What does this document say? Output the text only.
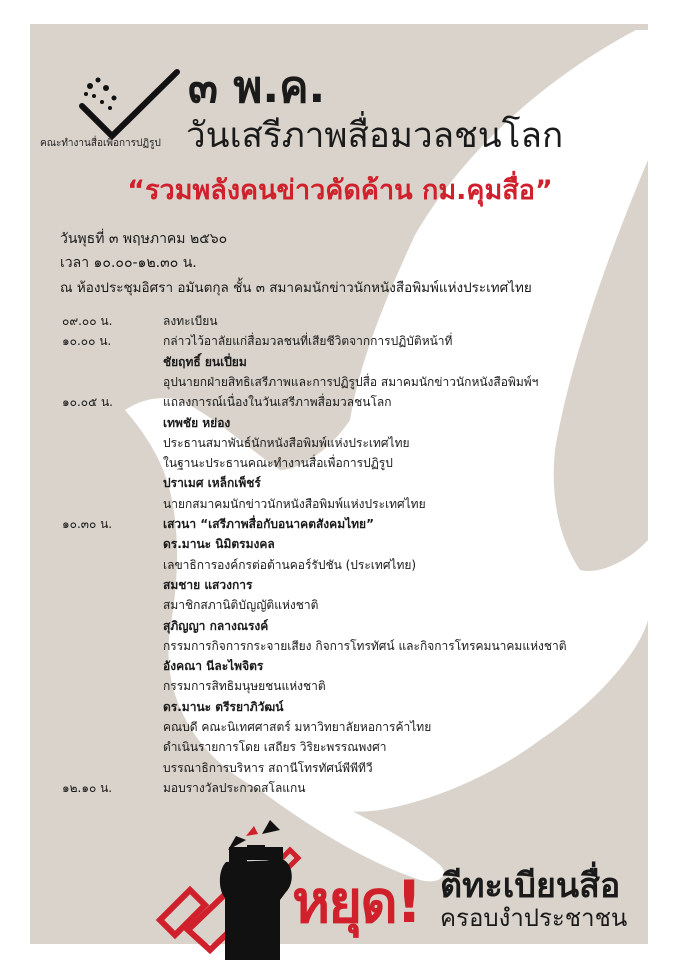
คณะทำงานสื่อเพื่อการปฏิรูป
๓ พ.ค.
วันเสรีภาพสื่อมวลชนโลก
“รวมพลังคนข่าวคัดค้าน กม.คุมสื่อ”
วันพุธที่ ๓ พฤษภาคม ๒๕๖๐
เวลา ๑๐.๐๐-๑๒.๓๐ น.
ณ ห้องประชุมอิศรา อมันตกุล ชั้น ๓ สมาคมนักข่าวนักหนังสือพิมพ์แห่งประเทศไทย
๐๙.๐๐ น.	ลงทะเบียน
๑๐.๐๐ น.	กล่าวไว้อาลัยแก่สื่อมวลชนที่เสียชีวิตจากการปฏิบัติหน้าที่
ชัยฤทธิ์ ยนเปี่ยม
อุปนายกฝ่ายสิทธิเสรีภาพและการปฏิรูปสื่อ สมาคมนักข่าวนักหนังสือพิมพ์ฯ
๑๐.๐๕ น.	แถลงการณ์เนื่องในวันเสรีภาพสื่อมวลชนโลก
เทพชัย หย่อง
ประธานสมาพันธ์นักหนังสือพิมพ์แห่งประเทศไทย
ในฐานะประธานคณะทำงานสื่อเพื่อการปฏิรูป
ปราเมศ เหล็กเพ็ชร์
นายกสมาคมนักข่าวนักหนังสือพิมพ์แห่งประเทศไทย
๑๐.๓๐ น.	เสวนา “เสรีภาพสื่อกับอนาคตสังคมไทย”
ดร.มานะ นิมิตรมงคล
เลขาธิการองค์กรต่อต้านคอร์รัปชัน (ประเทศไทย)
สมชาย แสวงการ
สมาชิกสภานิติบัญญัติแห่งชาติ
สุภิญญา กลางณรงค์
กรรมการกิจการกระจายเสียง กิจการโทรทัศน์ และกิจการโทรคมนาคมแห่งชาติ
อังคณา นีละไพจิตร
กรรมการสิทธิมนุษยชนแห่งชาติ
ดร.มานะ ตรีรยาภิวัฒน์
คณบดี คณะนิเทศศาสตร์ มหาวิทยาลัยหอการค้าไทย
ดำเนินรายการโดย เสถียร วิริยะพรรณพงศา
บรรณาธิการบริหาร สถานีโทรทัศน์พีพีทีวี
๑๒.๑๐ น.	มอบรางวัลประกวดสโลแกน
หยุด! ตีทะเบียนสื่อ
ครอบงำประชาชน
